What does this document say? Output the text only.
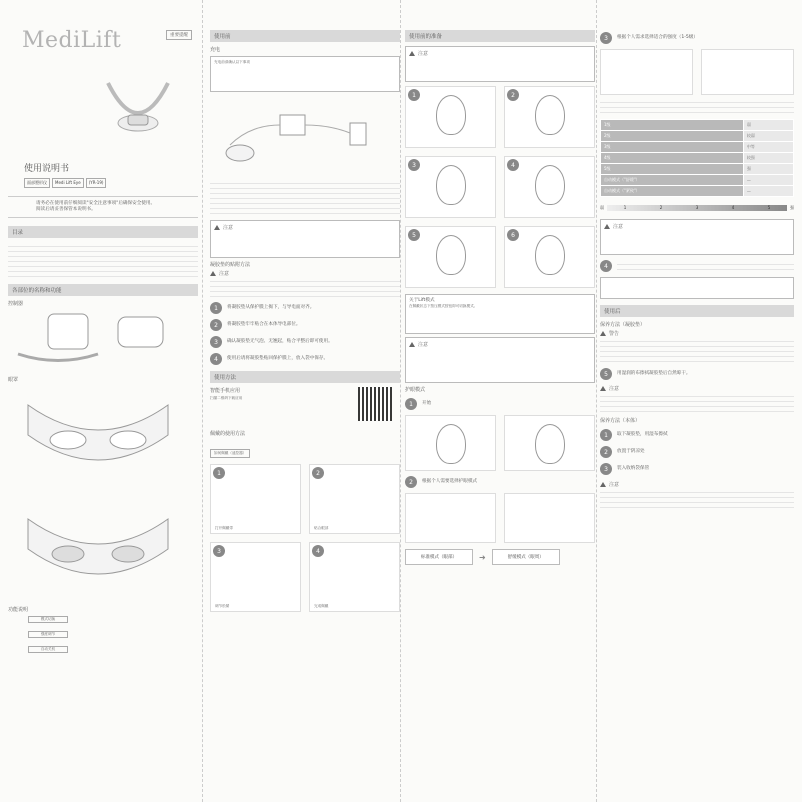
重要提醒
MediLift
使用说明书
面部塑形仪	Medi Lift Eye	(YR-19)
请务必在使用前仔细阅读"安全注意事项"后确保安全使用。
阅读后请妥善保管本说明书。
目录
各部位的名称和功能
控制器
眼罩

功能说明
模式切换
强度调节
自动关机
使用前
充电
充电前请确认以下事项
注意
凝胶垫的贴附方法
注意
1	将凝胶垫从保护膜上揭下，与导电面对齐。
2	将凝胶垫牢牢贴合在本体导电部位。
3	确认凝胶垫无气泡、无翘起，贴合平整后即可使用。
4	使用后请将凝胶垫贴回保护膜上，放入袋中保存。
使用方法
智能手机应用
扫描二维码下载应用
佩戴的使用方法
如何佩戴（遥控器）
1
打开佩戴带
2
贴合眼部
3
调节松紧
4
完成佩戴
使用前的准备
注意
1	2
3	4
5	6
关于Lift模式
在佩戴状态下按压模式按钮即可切换模式。
注意
护眼模式
1	开始
2	根据个人需要选择护眼模式
标准模式（眼部）	➜	舒缓模式（眼周）
3	根据个人需求选择适合的强度（1-5级）
1级	弱
2级	较弱
3级	中等
4级	较强
5级	强
自动模式（"舒缓"）	—
自动模式（"紧致"）	—
弱	1	2	3	4	5	强
注意
4
使用后
保养方法（凝胶垫）
警告
5	用湿润的布擦拭凝胶垫后自然晾干。
注意
保养方法（本体）
1	取下凝胶垫，用湿布擦拭
2	放置于阴凉处
3	装入收纳袋保管
注意
